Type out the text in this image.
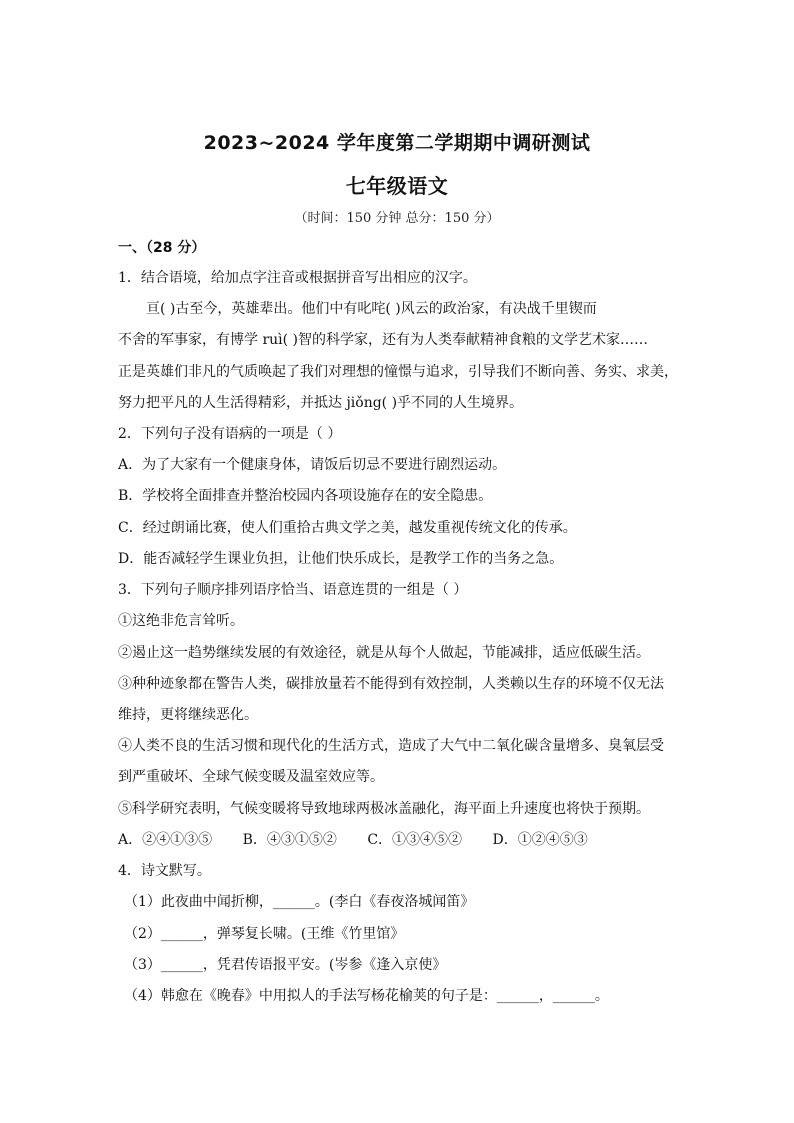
2023~2024 学年度第二学期期中调研测试
七年级语文
（时间：150 分钟 总分：150 分）
一、（28 分）
1．结合语境，给加点字注音或根据拼音写出相应的汉字。
亘( )古至今，英雄辈出。他们中有叱咤( )风云的政治家，有决战千里锲而
不舍的军事家，有博学 ruì( )智的科学家，还有为人类奉献精神食粮的文学艺术家……
正是英雄们非凡的气质唤起了我们对理想的憧憬与追求，引导我们不断向善、务实、求美，
努力把平凡的人生活得精彩，并抵达 jiǒng( )乎不同的人生境界。
2．下列句子没有语病的一项是（ ）
A．为了大家有一个健康身体，请饭后切忌不要进行剧烈运动。
B．学校将全面排查并整治校园内各项设施存在的安全隐患。
C．经过朗诵比赛，使人们重拾古典文学之美，越发重视传统文化的传承。
D．能否减轻学生课业负担，让他们快乐成长，是教学工作的当务之急。
3．下列句子顺序排列语序恰当、语意连贯的一组是（ ）
①这绝非危言耸听。
②遏止这一趋势继续发展的有效途径，就是从每个人做起，节能减排，适应低碳生活。
③种种迹象都在警告人类，碳排放量若不能得到有效控制，人类赖以生存的环境不仅无法
维持，更将继续恶化。
④人类不良的生活习惯和现代化的生活方式，造成了大气中二氧化碳含量增多、臭氧层受
到严重破坏、全球气候变暖及温室效应等。
⑤科学研究表明，气候变暖将导致地球两极冰盖融化，海平面上升速度也将快于预期。
A．②④①③⑤ B．④③①⑤② C．①③④⑤② D．①②④⑤③
4．诗文默写。
（1）此夜曲中闻折柳，______。(李白《春夜洛城闻笛》
（2）______，弹琴复长啸。(王维《竹里馆》
（3）______，凭君传语报平安。(岑参《逢入京使》
（4）韩愈在《晚春》中用拟人的手法写杨花榆荚的句子是：______，______。
